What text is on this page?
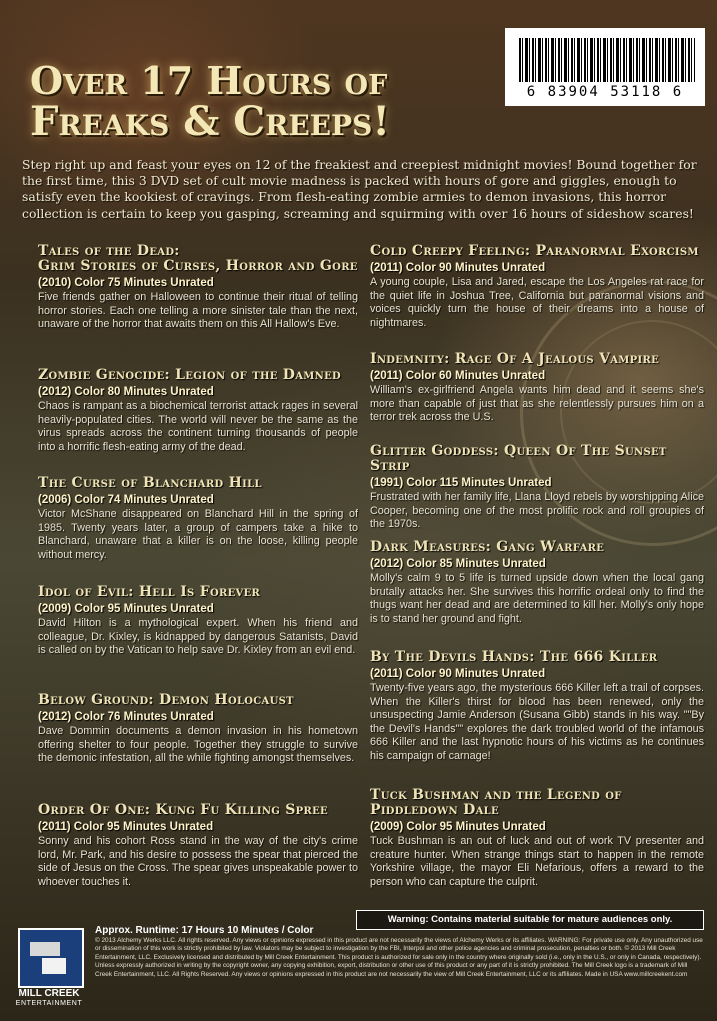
6 83904 53118 6
Over 17 Hours of
Freaks & Creeps!

Step right up and feast your eyes on 12 of the freakiest and creepiest midnight movies! Bound together for the first time, this 3 DVD set of cult movie madness is packed with hours of gore and giggles, enough to satisfy even the kookiest of cravings. From flesh-eating zombie armies to demon invasions, this horror collection is certain to keep you gasping, screaming and squirming with over 16 hours of sideshow scares!

Tales of the Dead:
Grim Stories of Curses, Horror and Gore

(2010) Color 75 Minutes Unrated

Five friends gather on Halloween to continue their ritual of telling horror stories. Each one telling a more sinister tale than the next, unaware of the horror that awaits them on this All Hallow's Eve.

Zombie Genocide: Legion of the Damned

(2012) Color 80 Minutes Unrated

Chaos is rampant as a biochemical terrorist attack rages in several heavily-populated cities. The world will never be the same as the virus spreads across the continent turning thousands of people into a horrific flesh-eating army of the dead.

The Curse of Blanchard Hill

(2006) Color 74 Minutes Unrated

Victor McShane disappeared on Blanchard Hill in the spring of 1985. Twenty years later, a group of campers take a hike to Blanchard, unaware that a killer is on the loose, killing people without mercy.

Idol of Evil: Hell Is Forever

(2009) Color 95 Minutes Unrated

David Hilton is a mythological expert. When his friend and colleague, Dr. Kixley, is kidnapped by dangerous Satanists, David is called on by the Vatican to help save Dr. Kixley from an evil end.

Below Ground: Demon Holocaust

(2012) Color 76 Minutes Unrated

Dave Dommin documents a demon invasion in his hometown offering shelter to four people. Together they struggle to survive the demonic infestation, all the while fighting amongst themselves.

Order Of One: Kung Fu Killing Spree

(2011) Color 95 Minutes Unrated

Sonny and his cohort Ross stand in the way of the city's crime lord, Mr. Park, and his desire to possess the spear that pierced the side of Jesus on the Cross. The spear gives unspeakable power to whoever touches it.

Cold Creepy Feeling: Paranormal Exorcism

(2011) Color 90 Minutes Unrated

A young couple, Lisa and Jared, escape the Los Angeles rat race for the quiet life in Joshua Tree, California but paranormal visions and voices quickly turn the house of their dreams into a house of nightmares.

Indemnity: Rage Of A Jealous Vampire

(2011) Color 60 Minutes Unrated

William's ex-girlfriend Angela wants him dead and it seems she's more than capable of just that as she relentlessly pursues him on a terror trek across the U.S.

Glitter Goddess: Queen Of The Sunset Strip

(1991) Color 115 Minutes Unrated

Frustrated with her family life, Llana Lloyd rebels by worshipping Alice Cooper, becoming one of the most prolific rock and roll groupies of the 1970s.

Dark Measures: Gang Warfare

(2012) Color 85 Minutes Unrated

Molly's calm 9 to 5 life is turned upside down when the local gang brutally attacks her. She survives this horrific ordeal only to find the thugs want her dead and are determined to kill her. Molly's only hope is to stand her ground and fight.

By The Devils Hands: The 666 Killer

(2011) Color 90 Minutes Unrated

Twenty-five years ago, the mysterious 666 Killer left a trail of corpses. When the Killer's thirst for blood has been renewed, only the unsuspecting Jamie Anderson (Susana Gibb) stands in his way. ""By the Devil's Hands"" explores the dark troubled world of the infamous 666 Killer and the last hypnotic hours of his victims as he continues his campaign of carnage!

Tuck Bushman and the Legend of
Piddledown Dale

(2009) Color 95 Minutes Unrated

Tuck Bushman is an out of luck and out of work TV presenter and creature hunter. When strange things start to happen in the remote Yorkshire village, the mayor Eli Nefarious, offers a reward to the person who can capture the culprit.

Warning: Contains material suitable for mature audiences only.
Approx. Runtime: 17 Hours 10 Minutes / Color

© 2013 Alchemy Werks LLC. All rights reserved. Any views or opinions expressed in this product are not necessarily the views of Alchemy Werks or its affiliates. WARNING: For private use only. Any unauthorized use or dissemination of this work is strictly prohibited by law. Violators may be subject to investigation by the FBI, Interpol and other police agencies and criminal prosecution, penalties or both. © 2013 Mill Creek Entertainment, LLC. Exclusively licensed and distributed by Mill Creek Entertainment. This product is authorized for sale only in the country where originally sold (i.e., only in the U.S., or only in Canada, respectively). Unless expressly authorized in writing by the copyright owner, any copying exhibition, export, distribution or other use of this product or any part of it is strictly prohibited. The Mill Creek logo is a trademark of Mill Creek Entertainment, LLC. All Rights Reserved. Any views or opinions expressed in this product are not necessarily the view of Mill Creek Entertainment, LLC or its affiliates. Made in USA www.millcreekent.com

MILL CREEK
ENTERTAINMENT
